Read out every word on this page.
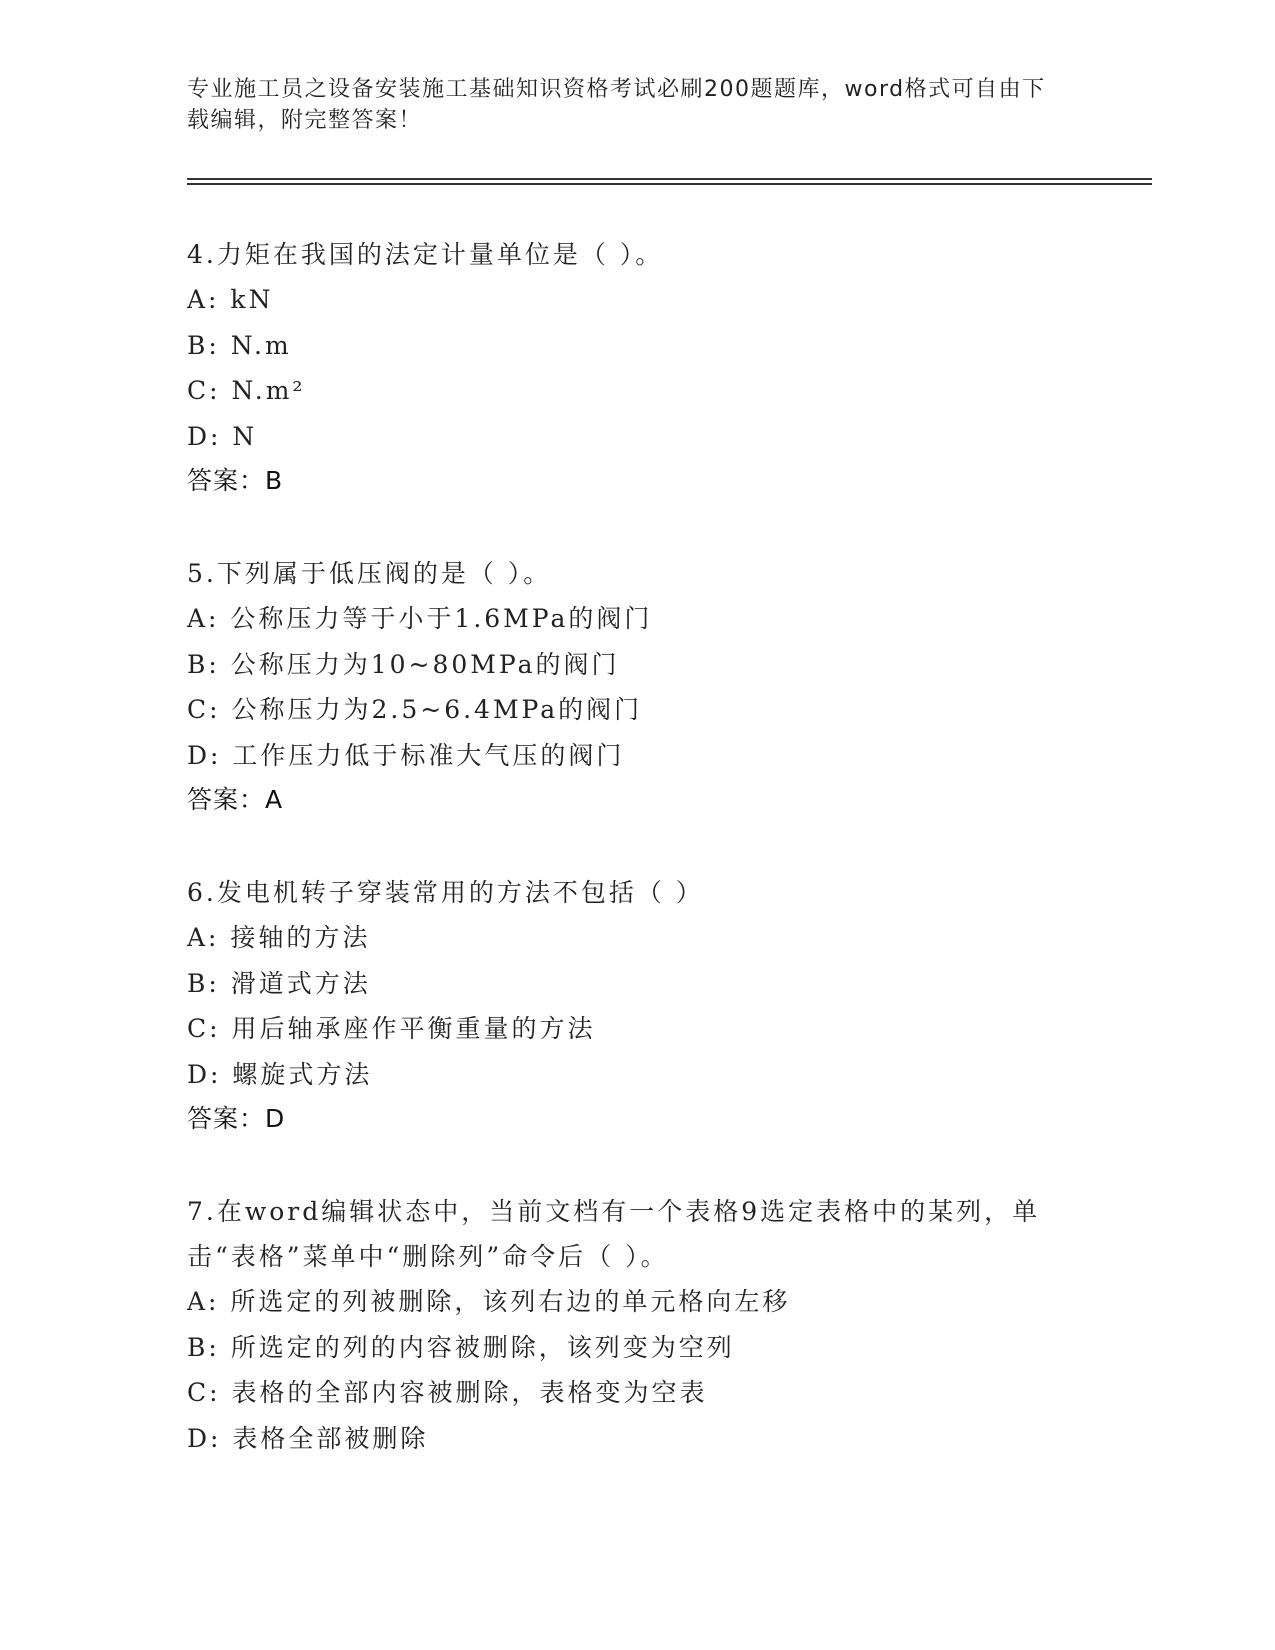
专业施工员之设备安装施工基础知识资格考试必刷200题题库，word格式可自由下载编辑，附完整答案！
4.力矩在我国的法定计量单位是（ ）。
A: kN
B: N.m
C: N.m²
D: N
答案：B
5.下列属于低压阀的是（ ）。
A: 公称压力等于小于1.6MPa的阀门
B: 公称压力为10~80MPa的阀门
C: 公称压力为2.5~6.4MPa的阀门
D: 工作压力低于标准大气压的阀门
答案：A
6.发电机转子穿装常用的方法不包括（ ）
A: 接轴的方法
B: 滑道式方法
C: 用后轴承座作平衡重量的方法
D: 螺旋式方法
答案：D
7.在word编辑状态中，当前文档有一个表格9选定表格中的某列，单击“表格”菜单中“删除列”命令后（ ）。
A: 所选定的列被删除，该列右边的单元格向左移
B: 所选定的列的内容被删除，该列变为空列
C: 表格的全部内容被删除，表格变为空表
D: 表格全部被删除
